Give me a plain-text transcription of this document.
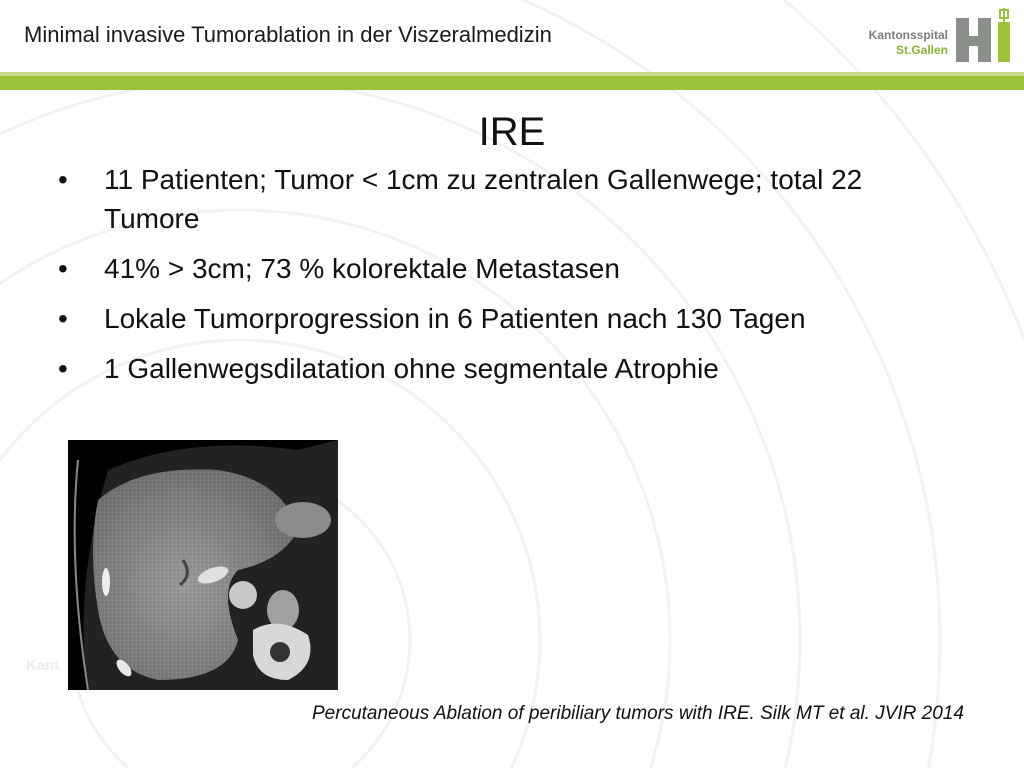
Minimal invasive Tumorablation in der Viszeralmedizin	Kantonsspital
St.Gallen
IRE
• 11 Patienten; Tumor < 1cm zu zentralen Gallenwege; total 22 Tumore
• 41% > 3cm; 73 % kolorektale Metastasen
• Lokale Tumorprogression in 6 Patienten nach 130 Tagen
• 1 Gallenwegsdilatation ohne segmentale Atrophie
Kant
Percutaneous Ablation of peribiliary tumors with IRE. Silk MT et al. JVIR 2014
